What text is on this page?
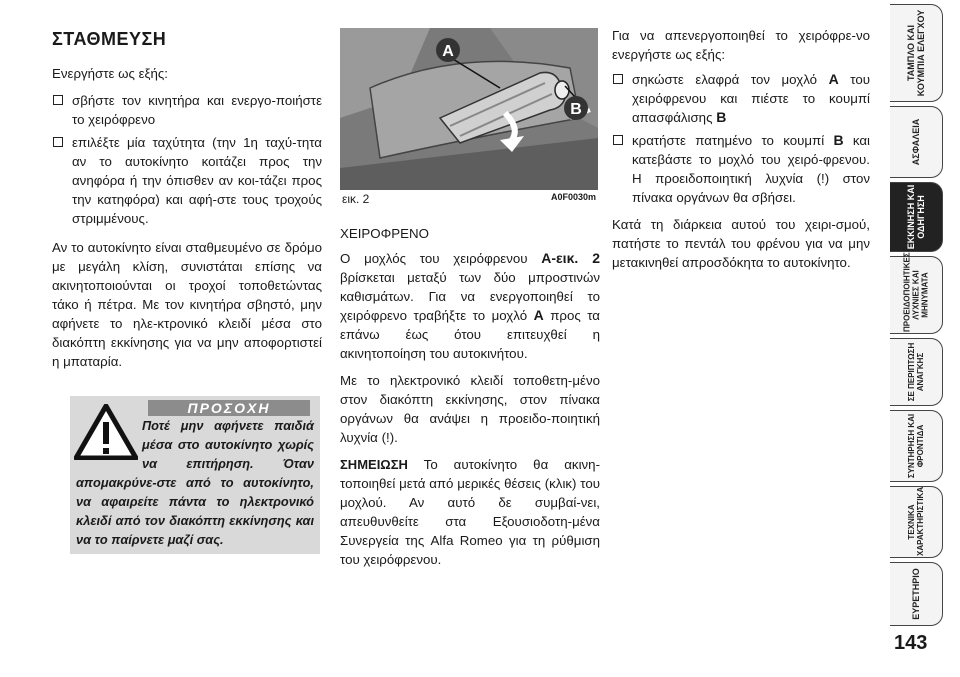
ΣΤΑΘΜΕΥΣΗ

Ενεργήστε ως εξής:

σβήστε τον κινητήρα και ενεργο-ποιήστε το χειρόφρενο
επιλέξτε μία ταχύτητα (την 1η ταχύ-τητα αν το αυτοκίνητο κοιτάζει προς την ανηφόρα ή την όπισθεν αν κοι-τάζει προς την κατηφόρα) και αφή-στε τους τροχούς στριμμένους.

Αν το αυτοκίνητο είναι σταθμευμένο σε δρόμο με μεγάλη κλίση, συνιστάται επίσης να ακινητοποιούνται οι τροχοί τοποθετώντας τάκο ή πέτρα. Με τον κινητήρα σβηστό, μην αφήνετε το ηλε-κτρονικό κλειδί μέσα στο διακόπτη εκκίνησης για να μην αποφορτιστεί η μπαταρία.

ΠΡΟΣΟΧΗ
Ποτέ μην αφήνετε παιδιά μέσα στο αυτοκίνητο χωρίς να επιτήρηση. Όταν απομακρύνε-στε από το αυτοκίνητο, να αφαιρείτε πάντα το ηλεκτρονικό κλειδί από τον διακόπτη εκκίνησης και να το παίρνετε μαζί σας.
A
B
εικ. 2	A0F0030m

ΧΕΙΡΟΦΡΕΝΟ

Ο μοχλός του χειρόφρενου A-εικ. 2 βρίσκεται μεταξύ των δύο μπροστινών καθισμάτων. Για να ενεργοποιηθεί το χειρόφρενο τραβήξτε το μοχλό A προς τα επάνω έως ότου επιτευχθεί η ακινητοποίηση του αυτοκινήτου.

Με το ηλεκτρονικό κλειδί τοποθετη-μένο στον διακόπτη εκκίνησης, στον πίνακα οργάνων θα ανάψει η προειδο-ποιητική λυχνία (!).

ΣΗΜΕΙΩΣΗ Το αυτοκίνητο θα ακινη-τοποιηθεί μετά από μερικές θέσεις (κλικ) του μοχλού. Αν αυτό δε συμβαί-νει, απευθυνθείτε στα Εξουσιοδοτη-μένα Συνεργεία της Alfa Romeo για τη ρύθμιση του χειρόφρενου.

Για να απενεργοποιηθεί το χειρόφρε-νο ενεργήστε ως εξής:

σηκώστε ελαφρά τον μοχλό A του χειρόφρενου και πιέστε το κουμπί απασφάλισης B
κρατήστε πατημένο το κουμπί B και κατεβάστε το μοχλό του χειρό-φρενου. Η προειδοποιητική λυχνία (!) στον πίνακα οργάνων θα σβήσει.

Κατά τη διάρκεια αυτού του χειρι-σμού, πατήστε το πεντάλ του φρένου για να μην μετακινηθεί απροσδόκητα το αυτοκίνητο.

ΤΑΜΠΛΟ ΚΑΙ ΚΟΥΜΠΙΑ ΕΛΕΓΧΟΥ
ΑΣΦΑΛΕΙΑ
ΕΚΚΙΝΗΣΗ ΚΑΙ ΟΔΗΓΗΣΗ
ΠΡΟΕΙΔΟΠΟΙΗΤΙΚΕΣ ΛΥΧΝΙΕΣ ΚΑΙ ΜΗΝΥΜΑΤΑ
ΣΕ ΠΕΡΙΠΤΩΣΗ ΑΝΑΓΚΗΣ
ΣΥΝΤΗΡΗΣΗ ΚΑΙ ΦΡΟΝΤΙΔΑ
ΤΕΧΝΙΚΑ ΧΑΡΑΚΤΗΡΙΣΤΙΚΑ
ΕΥΡΕΤΗΡΙΟ
143
